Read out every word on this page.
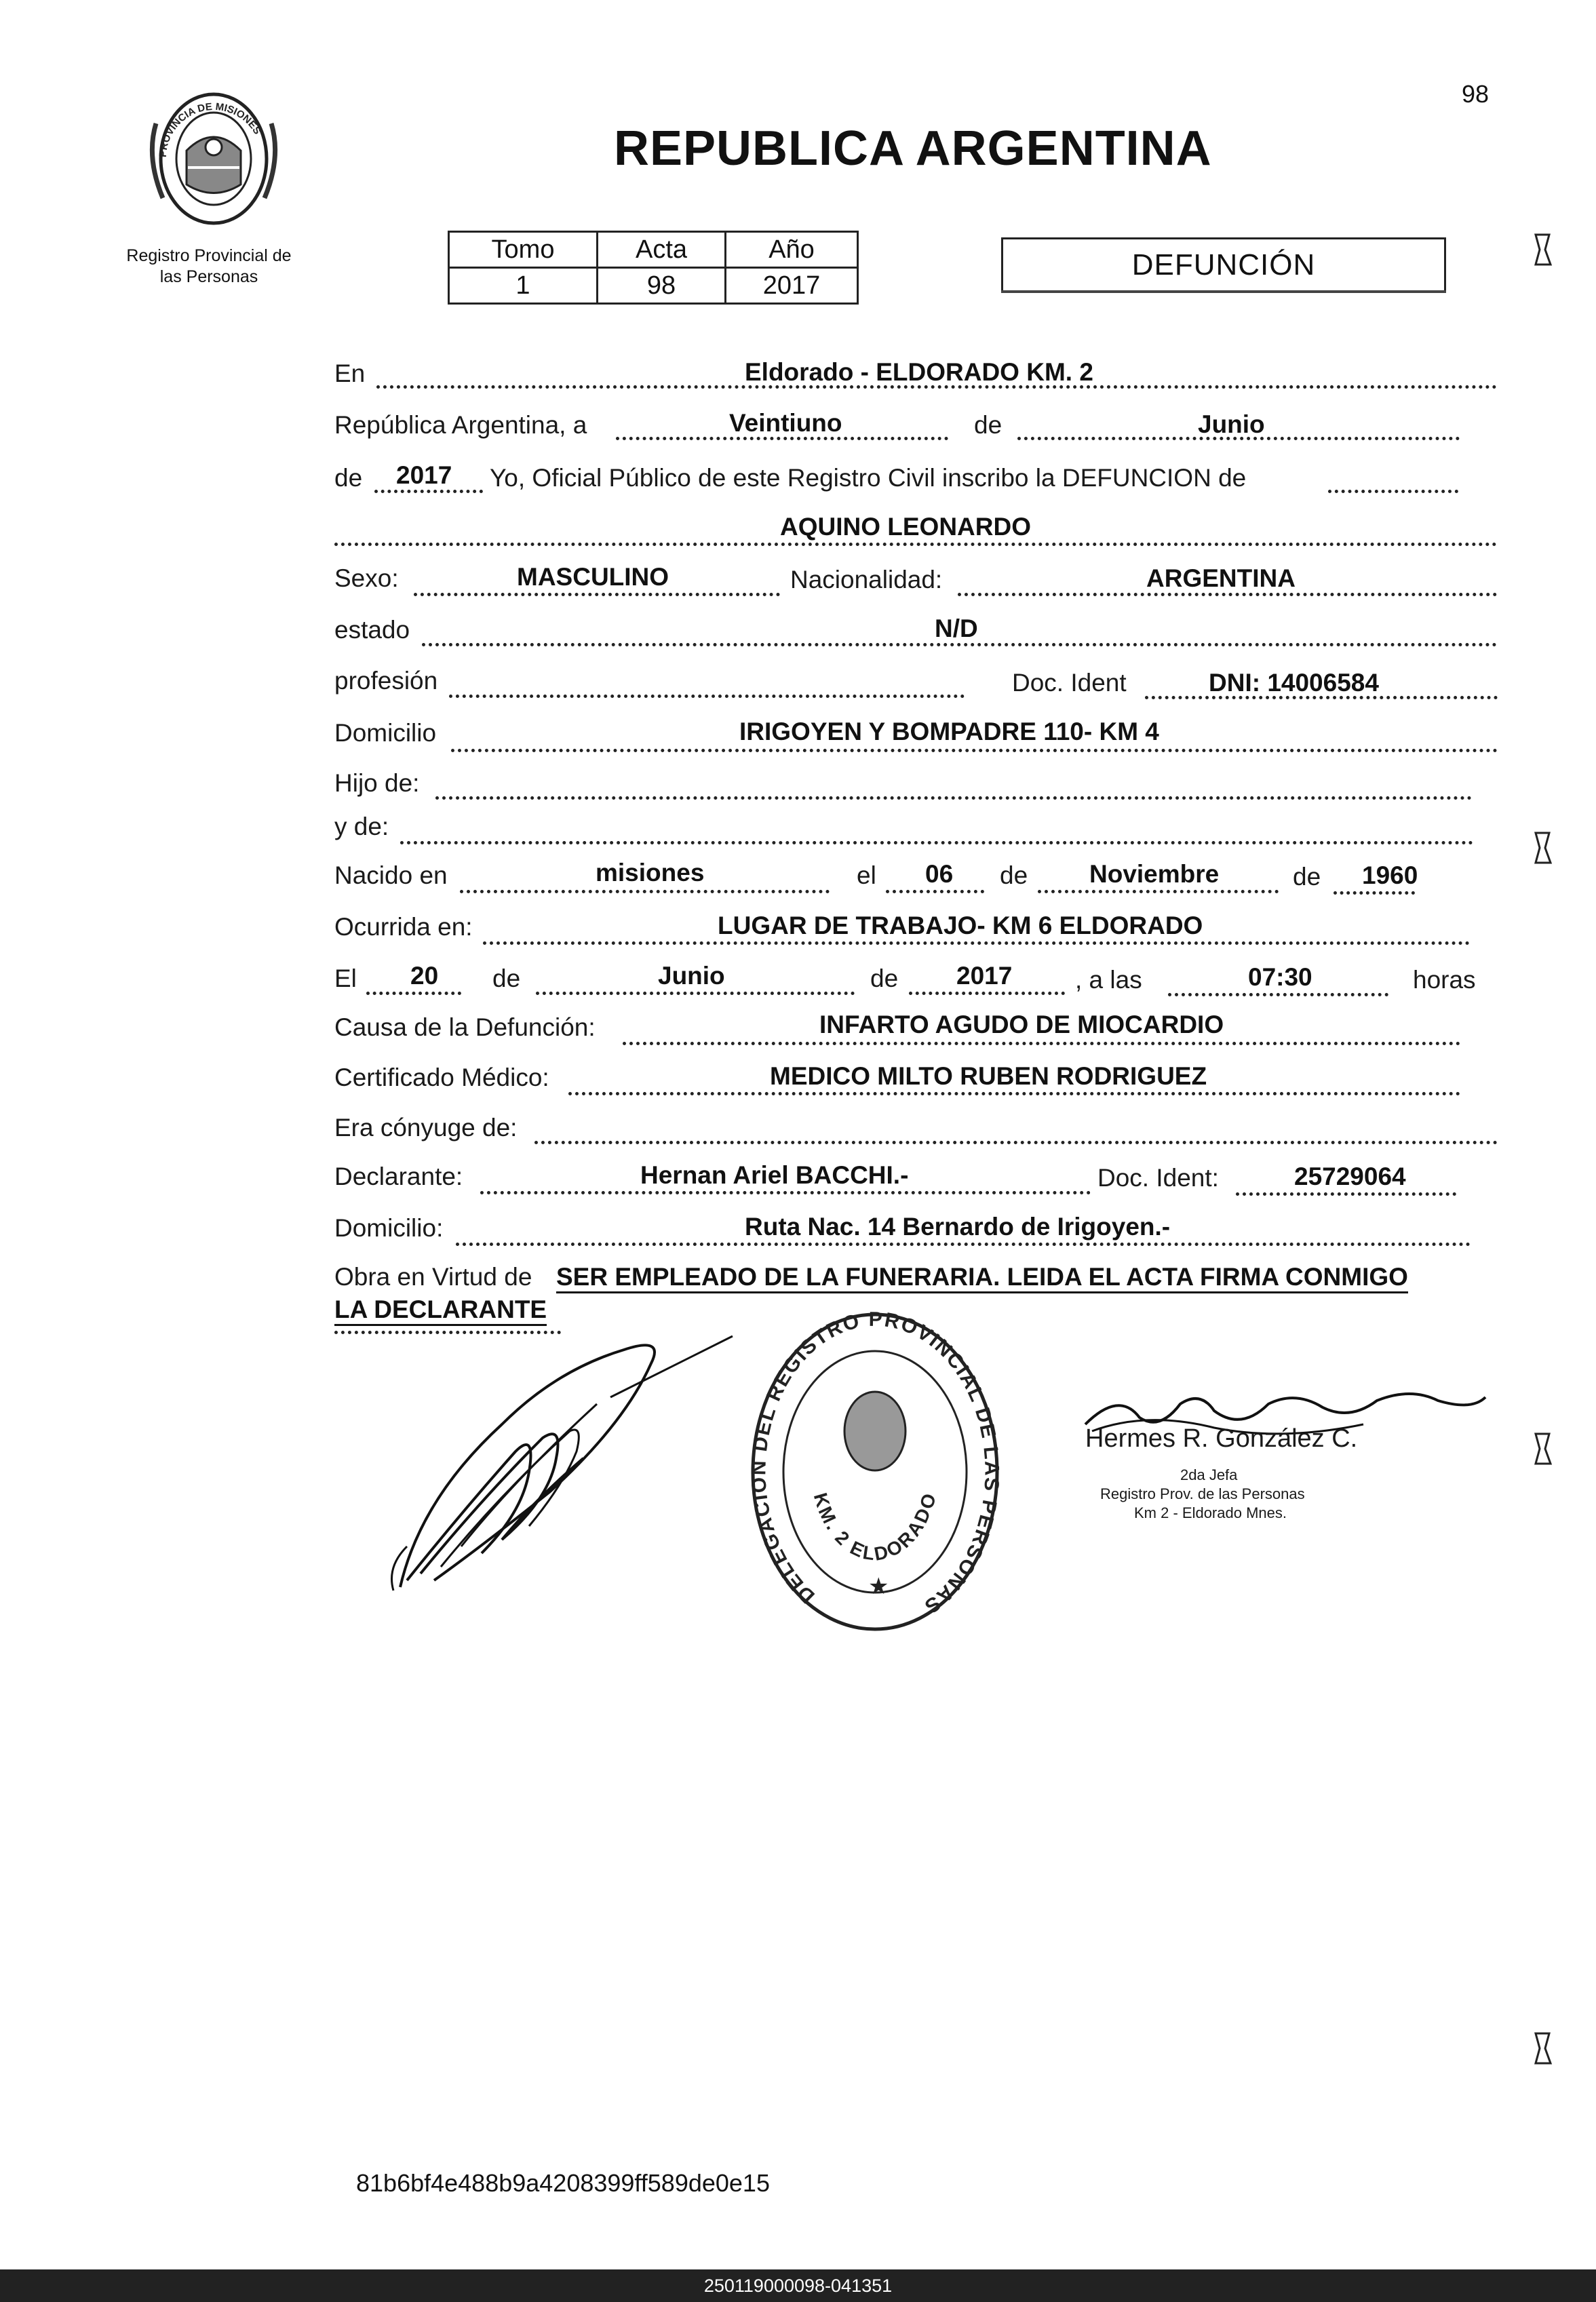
98
PROVINCIA DE MISIONES
Registro Provincial de
las Personas
REPUBLICA ARGENTINA
Tomo	Acta	Año
1	98	2017
DEFUNCIÓN
En	Eldorado - ELDORADO KM. 2
República Argentina, a	Veintiuno	de	Junio
de 2017 Yo, Oficial Público de este Registro Civil inscribo la DEFUNCION de
AQUINO LEONARDO
Sexo:	MASCULINO	Nacionalidad:	ARGENTINA
estado	N/D
profesión	Doc. Ident	DNI: 14006584
Domicilio	IRIGOYEN Y BOMPADRE 110- KM 4
Hijo de:
y de:
Nacido en	misiones	el 06 de Noviembre	de 1960
Ocurrida en:	LUGAR DE TRABAJO- KM 6 ELDORADO
El 20 de	Junio	de 2017	, a las	07:30	horas
Causa de la Defunción:	INFARTO AGUDO DE MIOCARDIO
Certificado Médico:	MEDICO MILTO RUBEN RODRIGUEZ
Era cónyuge de:
Declarante:	Hernan Ariel BACCHI.-	Doc. Ident:	25729064
Domicilio:	Ruta Nac. 14 Bernardo de Irigoyen.-
Obra en Virtud de SER EMPLEADO DE LA FUNERARIA. LEIDA EL ACTA FIRMA CONMIGO
LA DECLARANTE
DELEGACION DEL REGISTRO PROVINCIAL DE LAS PERSONAS
KM. 2 ELDORADO
★
Hermes R. González C.
2da Jefa
Registro Prov. de las Personas
Km 2 - Eldorado Mnes.
81b6bf4e488b9a4208399ff589de0e15
250119000098-041351
